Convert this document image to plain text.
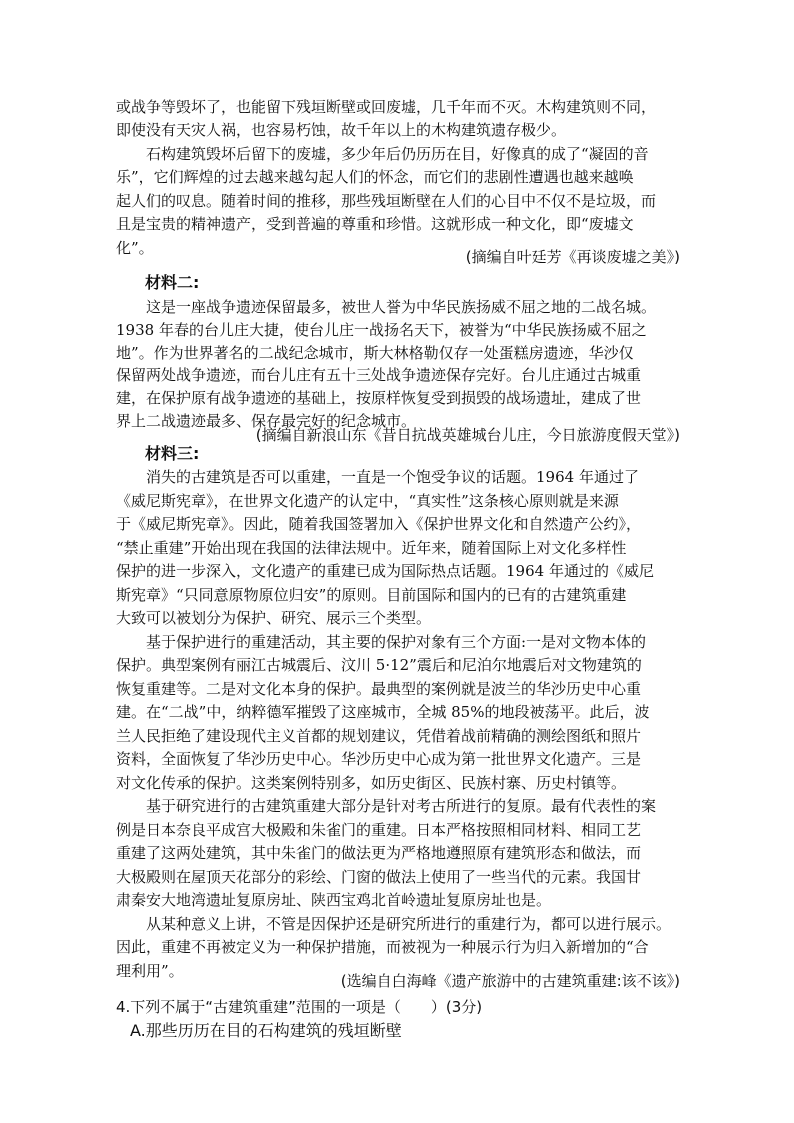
或战争等毁坏了，也能留下残垣断壁或回废墟，几千年而不灭。木构建筑则不同，
即使没有天灾人祸，也容易朽蚀，故千年以上的木构建筑遗存极少。
　　石构建筑毁坏后留下的废墟，多少年后仍历历在目，好像真的成了“凝固的音
乐”，它们辉煌的过去越来越勾起人们的怀念，而它们的悲剧性遭遇也越来越唤
起人们的叹息。随着时间的推移，那些残垣断壁在人们的心目中不仅不是垃圾，而
且是宝贵的精神遗产，受到普遍的尊重和珍惜。这就形成一种文化，即“废墟文
化”。	(摘编自叶廷芳《再谈废墟之美》)
材料二:
　　这是一座战争遗迹保留最多，被世人誉为中华民族扬威不屈之地的二战名城。
1938 年春的台儿庄大捷，使台儿庄一战扬名天下，被誉为“中华民族扬威不屈之
地”。作为世界著名的二战纪念城市，斯大林格勒仅存一处蛋糕房遗迹，华沙仅
保留两处战争遗迹，而台儿庄有五十三处战争遗迹保存完好。台儿庄通过古城重
建，在保护原有战争遗迹的基础上，按原样恢复受到损毁的战场遗址，建成了世
界上二战遗迹最多、保存最完好的纪念城市。
(摘编自新浪山东《昔日抗战英雄城台儿庄，今日旅游度假天堂》)
材料三:
　　消失的古建筑是否可以重建，一直是一个饱受争议的话题。1964 年通过了
《威尼斯宪章》，在世界文化遗产的认定中，“真实性”这条核心原则就是来源
于《威尼斯宪章》。因此，随着我国签署加入《保护世界文化和自然遗产公约》，
“禁止重建”开始出现在我国的法律法规中。近年来，随着国际上对文化多样性
保护的进一步深入，文化遗产的重建已成为国际热点话题。1964 年通过的《威尼
斯宪章》“只同意原物原位归安”的原则。目前国际和国内的已有的古建筑重建
大致可以被划分为保护、研究、展示三个类型。
　　基于保护进行的重建活动，其主要的保护对象有三个方面:一是对文物本体的
保护。典型案例有丽江古城震后、汶川 5·12”震后和尼泊尔地震后对文物建筑的
恢复重建等。二是对文化本身的保护。最典型的案例就是波兰的华沙历史中心重
建。在“二战”中，纳粹德军摧毁了这座城市，全城 85%的地段被荡平。此后，波
兰人民拒绝了建设现代主义首都的规划建议，凭借着战前精确的测绘图纸和照片
资料，全面恢复了华沙历史中心。华沙历史中心成为第一批世界文化遗产。三是
对文化传承的保护。这类案例特别多，如历史街区、民族村寨、历史村镇等。
　　基于研究进行的古建筑重建大部分是针对考古所进行的复原。最有代表性的案
例是日本奈良平成宫大极殿和朱雀门的重建。日本严格按照相同材料、相同工艺
重建了这两处建筑，其中朱雀门的做法更为严格地遵照原有建筑形态和做法，而
大极殿则在屋顶天花部分的彩绘、门窗的做法上使用了一些当代的元素。我国甘
肃秦安大地湾遗址复原房址、陕西宝鸡北首岭遗址复原房址也是。
　　从某种意义上讲，不管是因保护还是研究所进行的重建行为，都可以进行展示。
因此，重建不再被定义为一种保护措施，而被视为一种展示行为归入新增加的“合
理利用”。
(选编自白海峰《遗产旅游中的古建筑重建:该不该》)
4.下列不属于“古建筑重建”范围的一项是（　　）(3分)
A.那些历历在目的石构建筑的残垣断壁
